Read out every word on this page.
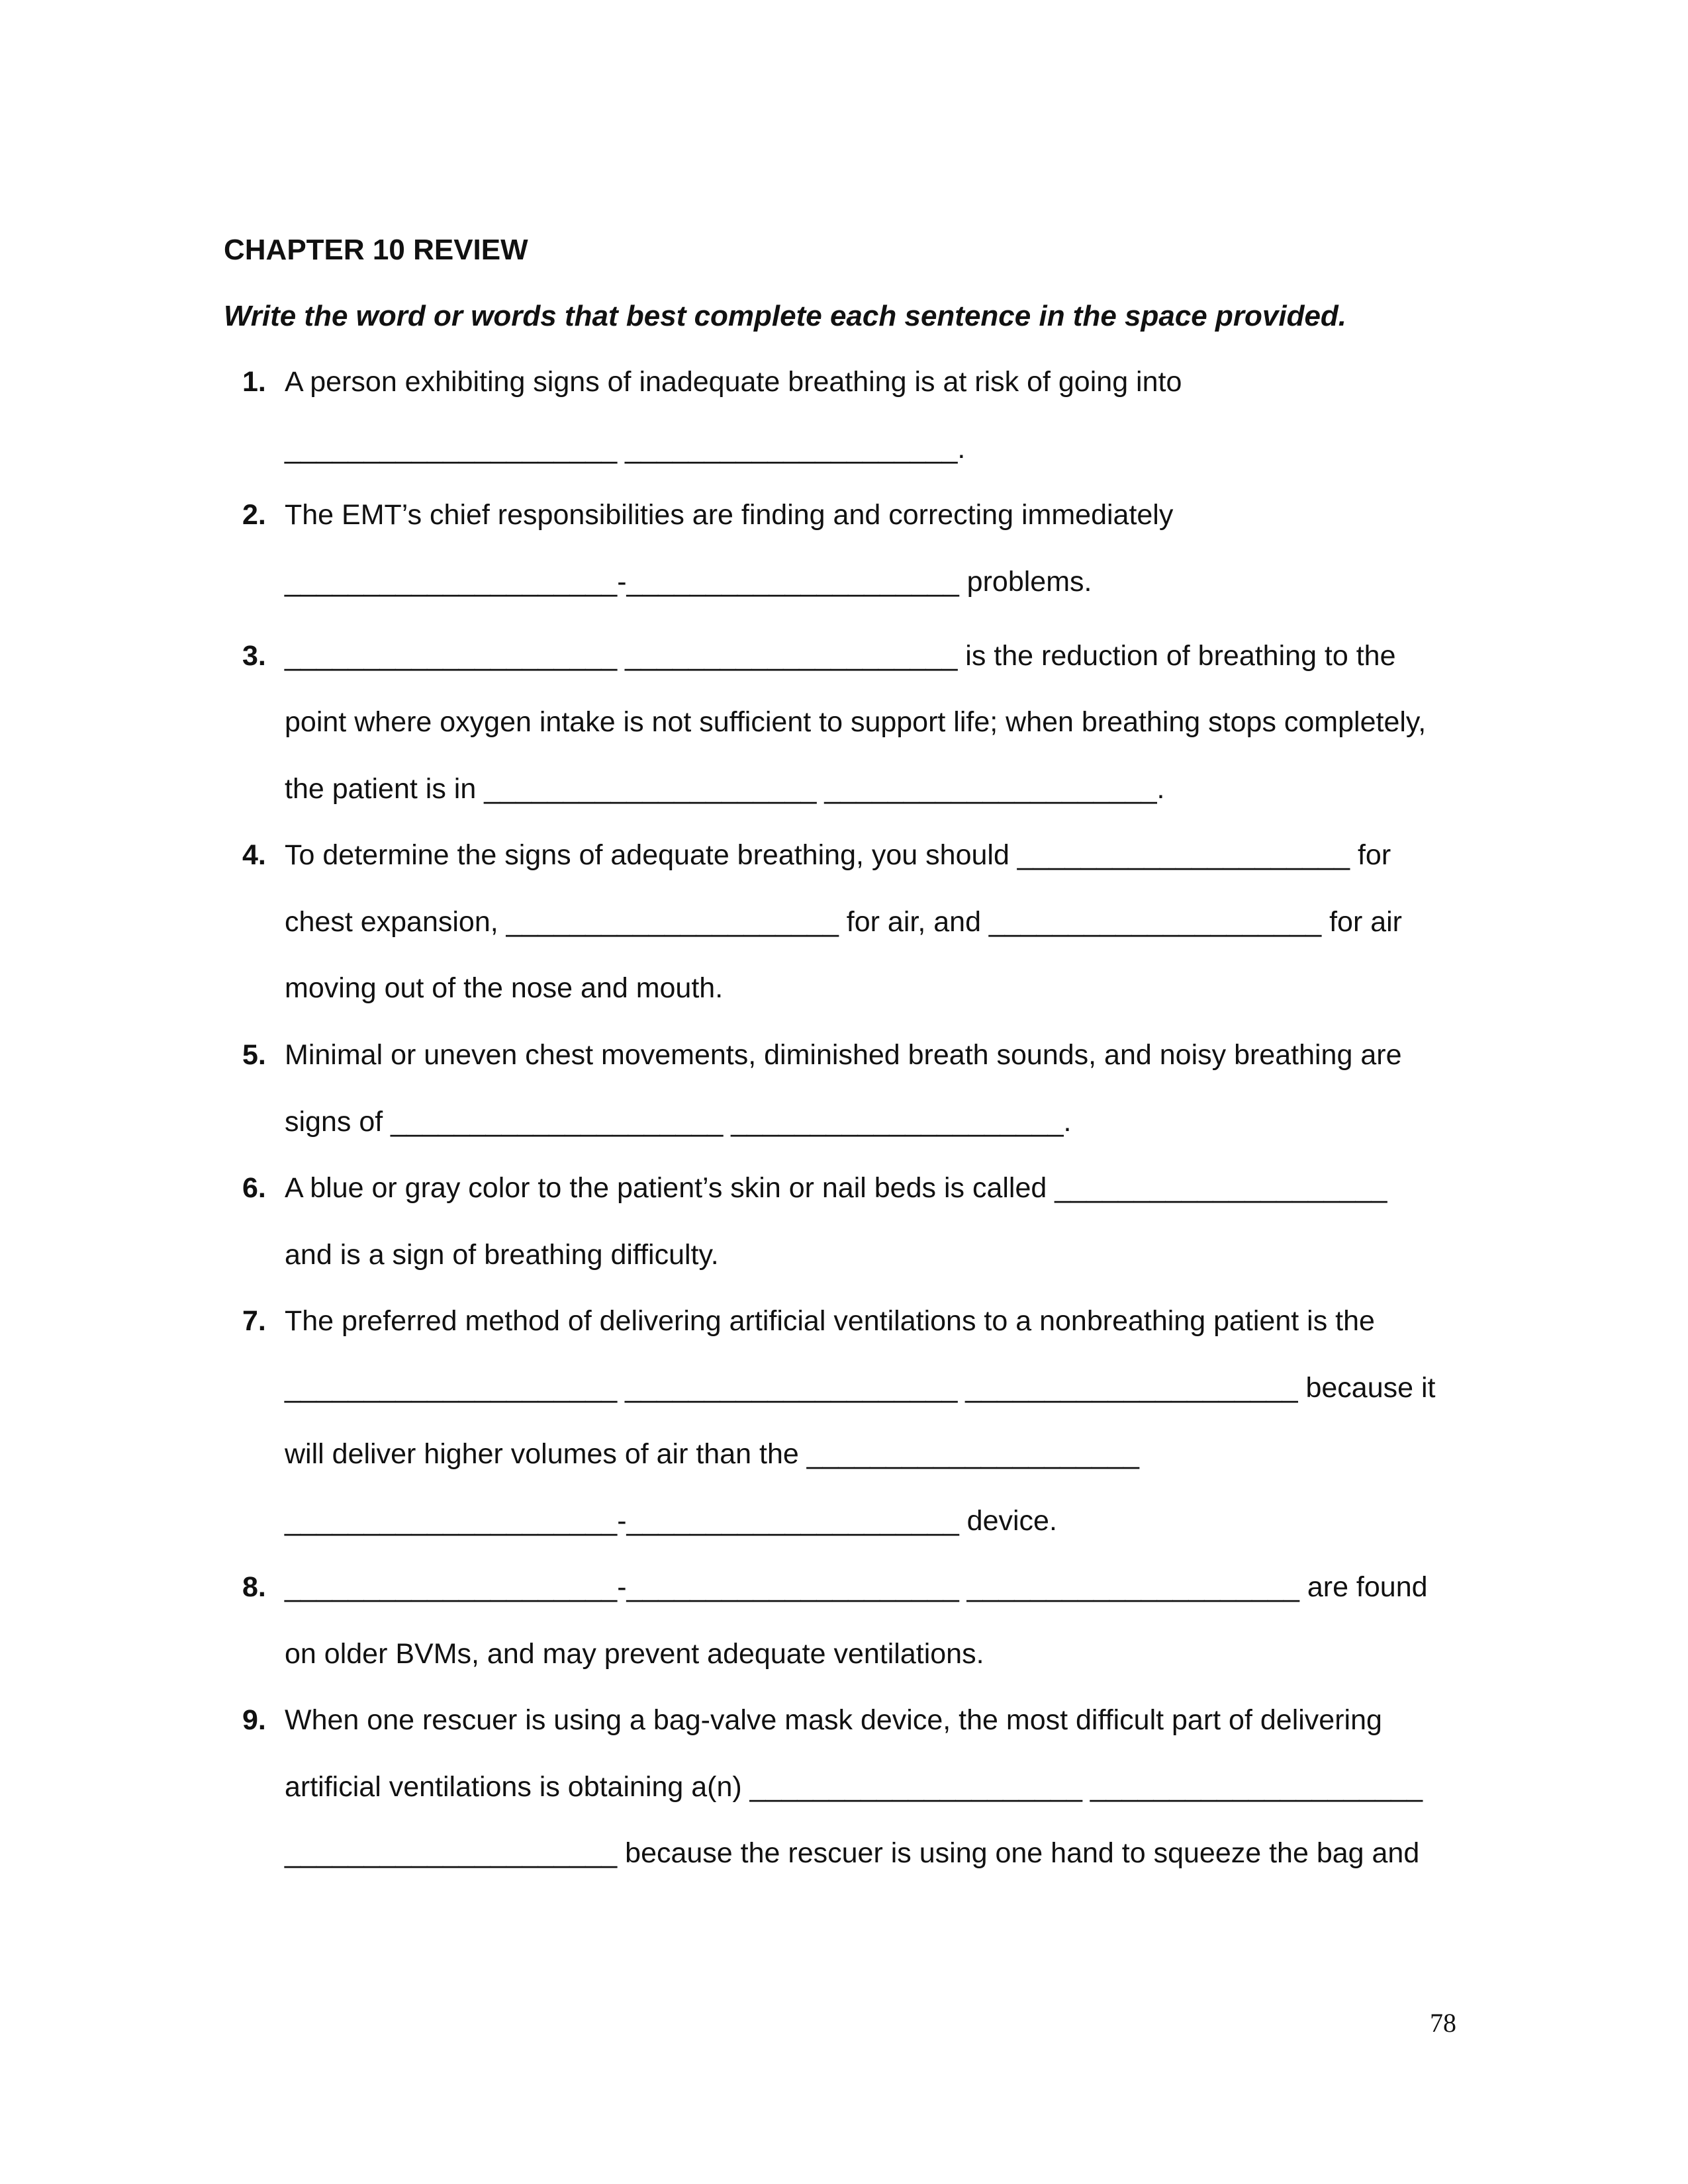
CHAPTER 10 REVIEW
Write the word or words that best complete each sentence in the space provided.
1. A person exhibiting signs of inadequate breathing is at risk of going into
_____________________ _____________________.
2. The EMT’s chief responsibilities are finding and correcting immediately
_____________________-_____________________ problems.
3. _____________________ _____________________ is the reduction of breathing to the
point where oxygen intake is not sufficient to support life; when breathing stops completely,
the patient is in _____________________ _____________________.
4. To determine the signs of adequate breathing, you should _____________________ for
chest expansion, _____________________ for air, and _____________________ for air
moving out of the nose and mouth.
5. Minimal or uneven chest movements, diminished breath sounds, and noisy breathing are
signs of _____________________ _____________________.
6. A blue or gray color to the patient’s skin or nail beds is called _____________________
and is a sign of breathing difficulty.
7. The preferred method of delivering artificial ventilations to a nonbreathing patient is the
_____________________ _____________________ _____________________ because it
will deliver higher volumes of air than the _____________________
_____________________-_____________________ device.
8. _____________________-_____________________ _____________________ are found
on older BVMs, and may prevent adequate ventilations.
9. When one rescuer is using a bag-valve mask device, the most difficult part of delivering
artificial ventilations is obtaining a(n) _____________________ _____________________
_____________________ because the rescuer is using one hand to squeeze the bag and
78
